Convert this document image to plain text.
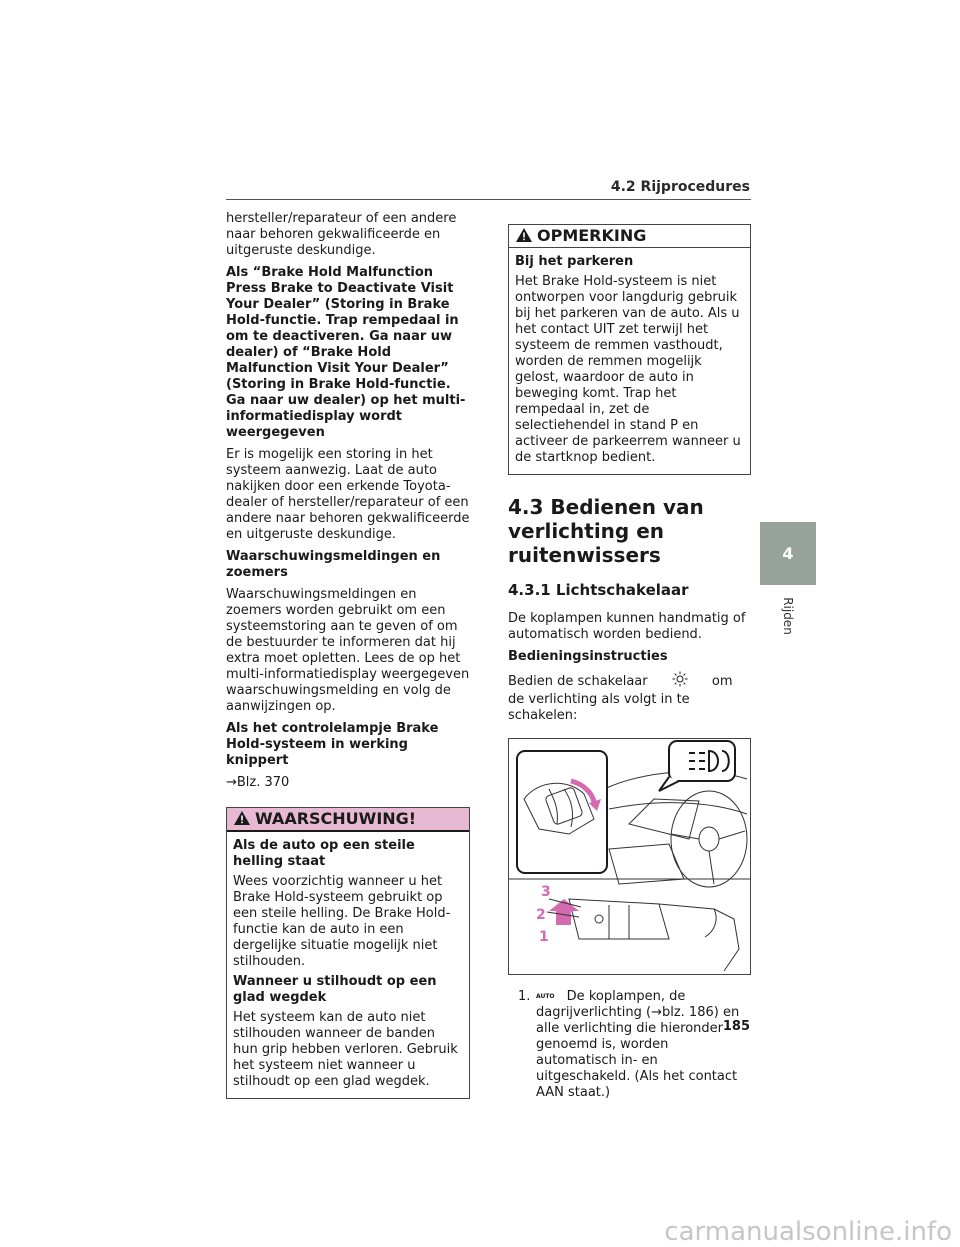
4.2 Rijprocedures

hersteller/reparateur of een andere naar behoren gekwalificeerde en uitgeruste deskundige.

Als “Brake Hold Malfunction Press Brake to Deactivate Visit Your Dealer” (Storing in Brake Hold-functie. Trap rempedaal in om te deactiveren. Ga naar uw dealer) of “Brake Hold Malfunction Visit Your Dealer” (Storing in Brake Hold-functie. Ga naar uw dealer) op het multi-informatiedisplay wordt weergegeven

Er is mogelijk een storing in het systeem aanwezig. Laat de auto nakijken door een erkende Toyota-dealer of hersteller/reparateur of een andere naar behoren gekwalificeerde en uitgeruste deskundige.

Waarschuwingsmeldingen en zoemers

Waarschuwingsmeldingen en zoemers worden gebruikt om een systeemstoring aan te geven of om de bestuurder te informeren dat hij extra moet opletten. Lees de op het multi-informatiedisplay weergegeven waarschuwingsmelding en volg de aanwijzingen op.

Als het controlelampje Brake Hold-systeem in werking knippert

→Blz. 370

WAARSCHUWING!

Als de auto op een steile helling staat

Wees voorzichtig wanneer u het Brake Hold-systeem gebruikt op een steile helling. De Brake Hold-functie kan de auto in een dergelijke situatie mogelijk niet stilhouden.

Wanneer u stilhoudt op een glad wegdek

Het systeem kan de auto niet stilhouden wanneer de banden hun grip hebben verloren. Gebruik het systeem niet wanneer u stilhoudt op een glad wegdek.

OPMERKING

Bij het parkeren

Het Brake Hold-systeem is niet ontworpen voor langdurig gebruik bij het parkeren van de auto. Als u het contact UIT zet terwijl het systeem de remmen vasthoudt, worden de remmen mogelijk gelost, waardoor de auto in beweging komt. Trap het rempedaal in, zet de selectiehendel in stand P en activeer de parkeerrem wanneer u de startknop bedient.

4.3 Bedienen van verlichting en ruitenwissers
4.3.1 Lichtschakelaar

De koplampen kunnen handmatig of automatisch worden bediend.

Bedieningsinstructies

Bedien de schakelaar	om de verlichting als volgt in te schakelen:

3
2
1
1. $^{AUTO}$ De koplampen, de dagrijverlichting (→blz. 186) en alle verlichting die hieronder genoemd is, worden automatisch in- en uitgeschakeld. (Als het contact AAN staat.)
4
Rijden
185
carmanualsonline.info
